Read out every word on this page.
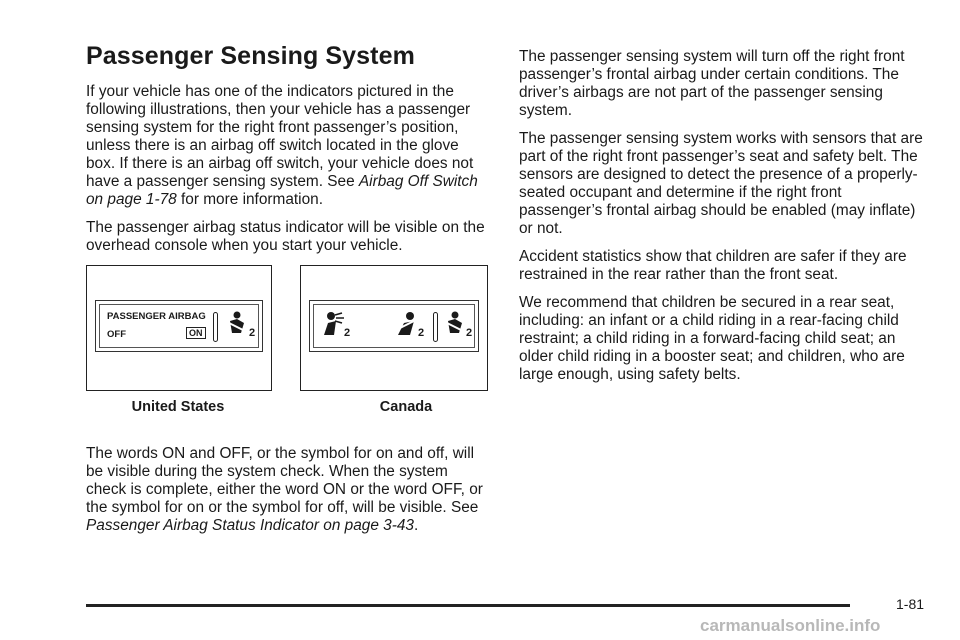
Passenger Sensing System

If your vehicle has one of the indicators pictured in the following illustrations, then your vehicle has a passenger sensing system for the right front passenger’s position, unless there is an airbag off switch located in the glove box. If there is an airbag off switch, your vehicle does not have a passenger sensing system. See Airbag Off Switch on page 1-78 for more information.

The passenger airbag status indicator will be visible on the overhead console when you start your vehicle.

PASSENGER AIRBAG
OFF	ON	2
United States
2	2	2
Canada

The words ON and OFF, or the symbol for on and off, will be visible during the system check. When the system check is complete, either the word ON or the word OFF, or the symbol for on or the symbol for off, will be visible. See Passenger Airbag Status Indicator on page 3-43.

The passenger sensing system will turn off the right front passenger’s frontal airbag under certain conditions. The driver’s airbags are not part of the passenger sensing system.

The passenger sensing system works with sensors that are part of the right front passenger’s seat and safety belt. The sensors are designed to detect the presence of a properly-seated occupant and determine if the right front passenger’s frontal airbag should be enabled (may inflate) or not.

Accident statistics show that children are safer if they are restrained in the rear rather than the front seat.

We recommend that children be secured in a rear seat, including: an infant or a child riding in a rear-facing child restraint; a child riding in a forward-facing child seat; an older child riding in a booster seat; and children, who are large enough, using safety belts.

1-81
carmanualsonline.info
